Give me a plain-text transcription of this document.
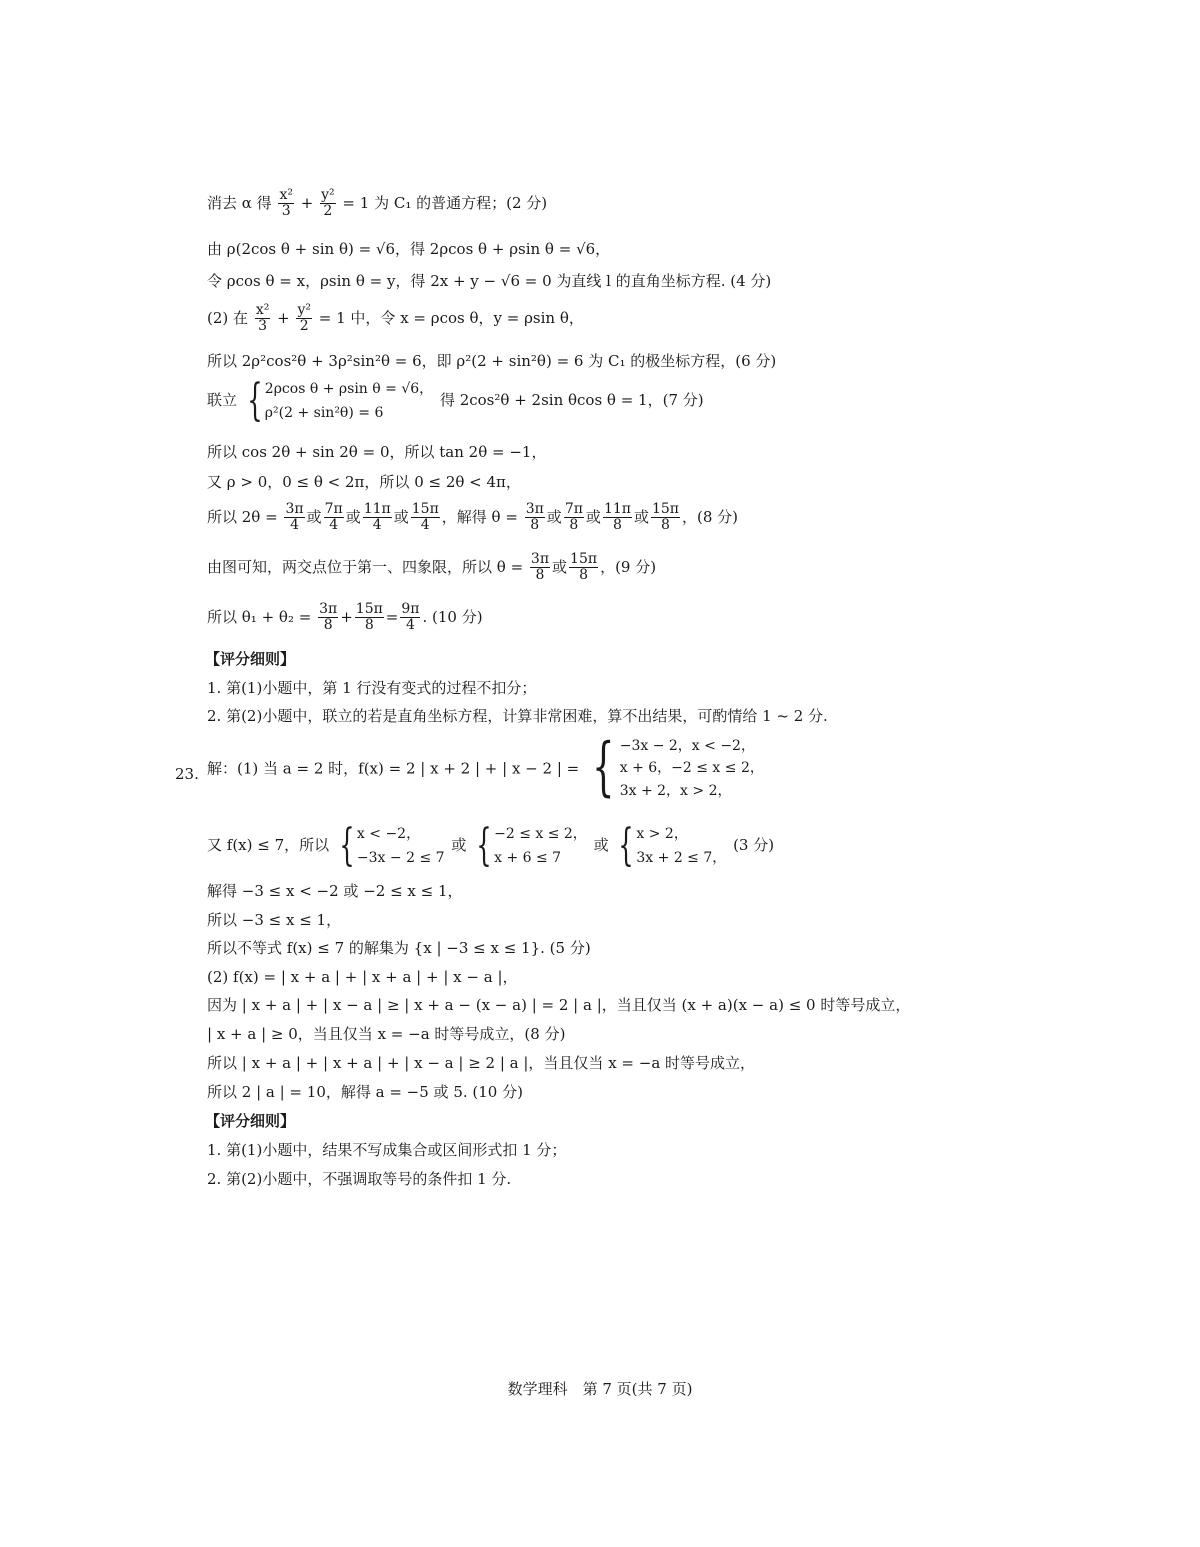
消去 α 得 $\frac{\text{x²}}{3} + \frac{\text{y²}}{2} = 1$ 为 C₁ 的普通方程；(2 分)
由 ρ(2cos θ + sin θ) = √6，得 2ρcos θ + ρsin θ = √6，
令 ρcos θ = x，ρsin θ = y，得 2x + y − √6 = 0 为直线 l 的直角坐标方程. (4 分)
(2) 在 $\frac{\text{x²}}{3} + \frac{\text{y²}}{2} = 1$ 中，令 x = ρcos θ，y = ρsin θ，
所以 2ρ²cos²θ + 3ρ²sin²θ = 6，即 ρ²(2 + sin²θ) = 6 为 C₁ 的极坐标方程，(6 分)
联立 { 2ρcos θ + ρsin θ = √6，
ρ²(2 + sin²θ) = 6
得 2cos²θ + 2sin θcos θ = 1，(7 分)
所以 cos 2θ + sin 2θ = 0，所以 tan 2θ = −1，
又 ρ > 0，0 ≤ θ < 2π，所以 0 ≤ 2θ < 4π，
所以 $2\theta = \frac{3\pi}{4}$ 或 $\frac{7\pi}{4}$ 或 $\frac{11\pi}{4}$ 或 $\frac{15\pi}{4}$ ，解得 $\theta = \frac{3\pi}{8}$ 或 $\frac{7\pi}{8}$ 或 $\frac{11\pi}{8}$ 或 $\frac{15\pi}{8}$ ，(8 分)
由图可知，两交点位于第一、四象限，所以 $\theta = \frac{3\pi}{8}$ 或 $\frac{15\pi}{8}$ ，(9 分)
所以 $\theta_1 + \theta_2 = \frac{3\pi}{8} + \frac{15\pi}{8} = \frac{9\pi}{4}$ . (10 分)
【评分细则】
1. 第(1)小题中，第 1 行没有变式的过程不扣分；
2. 第(2)小题中，联立的若是直角坐标方程，计算非常困难，算不出结果，可酌情给 1 ~ 2 分.
23. 解：(1) 当 a = 2 时，f(x) = 2 | x + 2 | + | x − 2 | = { −3x − 2，x < −2，
x + 6，−2 ≤ x ≤ 2，
3x + 2，x > 2，
又 f(x) ≤ 7，所以 { x < −2，
−3x − 2 ≤ 7
或 { −2 ≤ x ≤ 2，
x + 6 ≤ 7
或 { x > 2，
3x + 2 ≤ 7，
(3 分)
解得 −3 ≤ x < −2 或 −2 ≤ x ≤ 1，
所以 −3 ≤ x ≤ 1，
所以不等式 f(x) ≤ 7 的解集为 {x | −3 ≤ x ≤ 1}. (5 分)
(2) f(x) = | x + a | + | x + a | + | x − a |，
因为 | x + a | + | x − a | ≥ | x + a − (x − a) | = 2 | a |，当且仅当 (x + a)(x − a) ≤ 0 时等号成立，
| x + a | ≥ 0，当且仅当 x = −a 时等号成立，(8 分)
所以 | x + a | + | x + a | + | x − a | ≥ 2 | a |，当且仅当 x = −a 时等号成立，
所以 2 | a | = 10，解得 a = −5 或 5. (10 分)
【评分细则】
1. 第(1)小题中，结果不写成集合或区间形式扣 1 分；
2. 第(2)小题中，不强调取等号的条件扣 1 分.
数学理科　第 7 页(共 7 页)
